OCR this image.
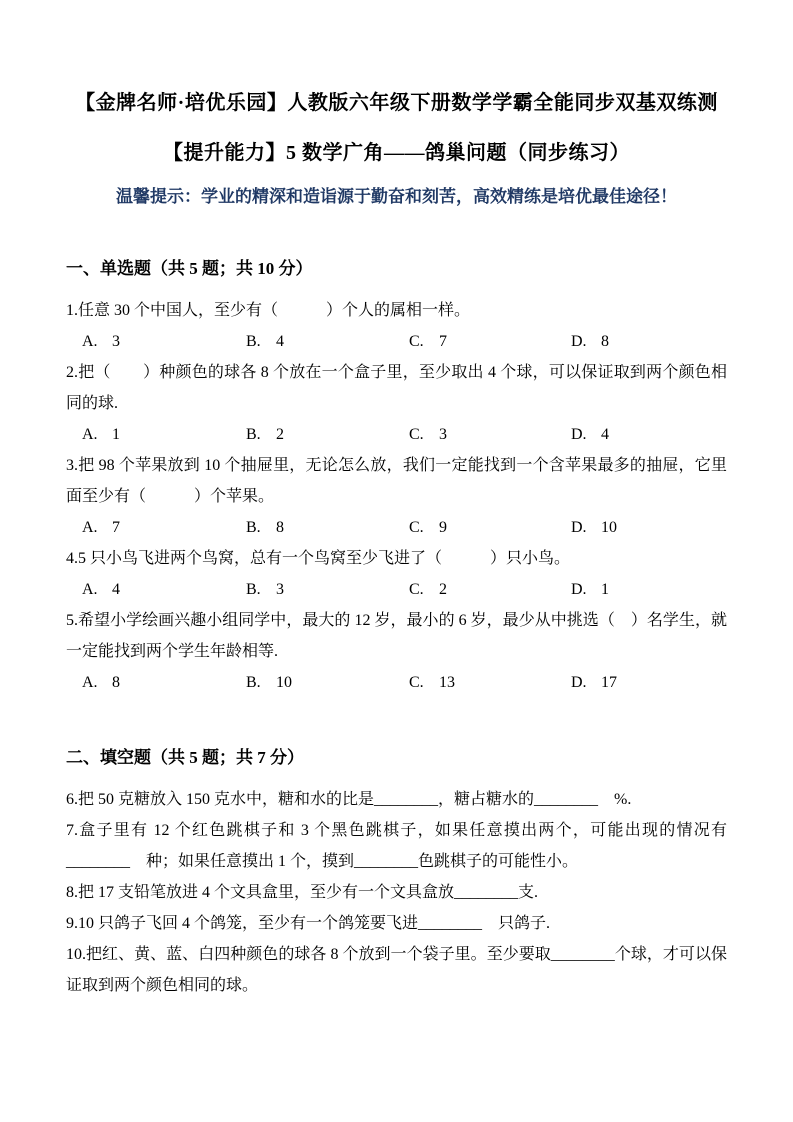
【金牌名师·培优乐园】人教版六年级下册数学学霸全能同步双基双练测
【提升能力】5 数学广角——鸽巢问题（同步练习）

温馨提示：学业的精深和造诣源于勤奋和刻苦，高效精练是培优最佳途径！

一、单选题（共 5 题；共 10 分）

1.任意 30 个中国人，至少有（　　　）个人的属相一样。

A. 3	B. 4	C. 7	D. 8

2.把（　　）种颜色的球各 8 个放在一个盒子里，至少取出 4 个球，可以保证取到两个颜色相同的球.

A. 1	B. 2	C. 3	D. 4

3.把 98 个苹果放到 10 个抽屉里，无论怎么放，我们一定能找到一个含苹果最多的抽屉，它里面至少有（　　　）个苹果。

A. 7	B. 8	C. 9	D. 10

4.5 只小鸟飞进两个鸟窝，总有一个鸟窝至少飞进了（　　　）只小鸟。

A. 4	B. 3	C. 2	D. 1

5.希望小学绘画兴趣小组同学中，最大的 12 岁，最小的 6 岁，最少从中挑选（　）名学生，就一定能找到两个学生年龄相等.

A. 8	B. 10	C. 13	D. 17
二、填空题（共 5 题；共 7 分）

6.把 50 克糖放入 150 克水中，糖和水的比是________，糖占糖水的________　%.

7.盒子里有 12 个红色跳棋子和 3 个黑色跳棋子，如果任意摸出两个，可能出现的情况有________　种；如果任意摸出 1 个，摸到________色跳棋子的可能性小。

8.把 17 支铅笔放进 4 个文具盒里，至少有一个文具盒放________支.

9.10 只鸽子飞回 4 个鸽笼，至少有一个鸽笼要飞进________　只鸽子.

10.把红、黄、蓝、白四种颜色的球各 8 个放到一个袋子里。至少要取________个球，才可以保证取到两个颜色相同的球。
